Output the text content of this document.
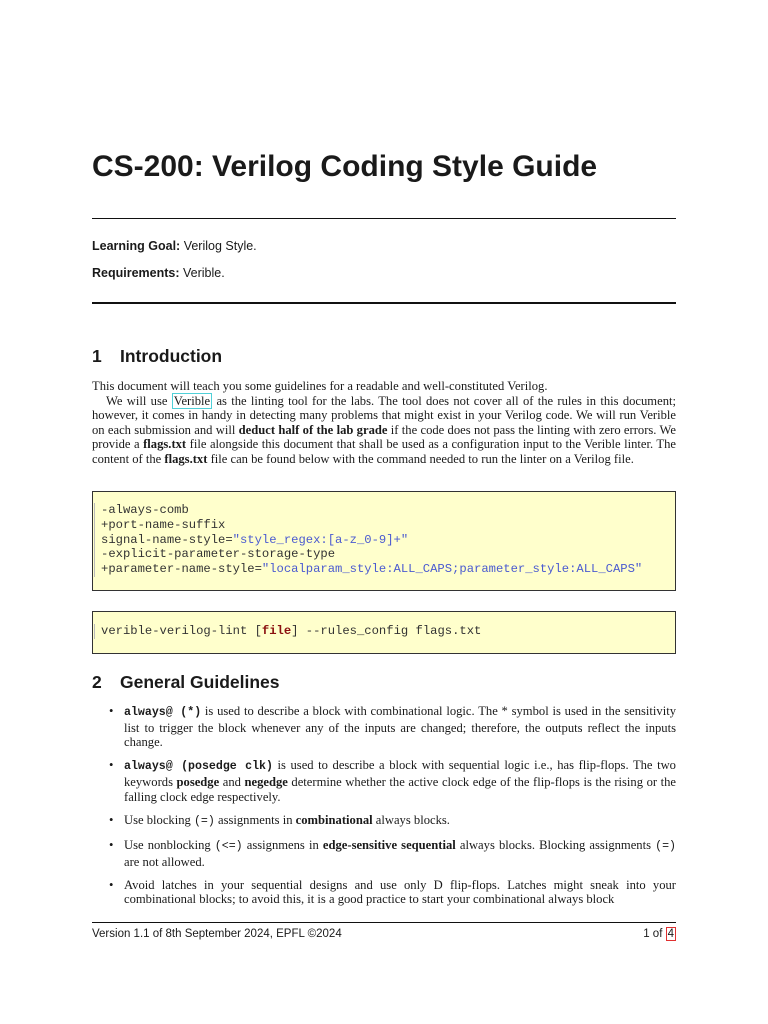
CS-200: Verilog Coding Style Guide
Learning Goal: Verilog Style.
Requirements: Verible.
1 Introduction
This document will teach you some guidelines for a readable and well-constituted Verilog.
We will use Verible as the linting tool for the labs. The tool does not cover all of the rules in this document; however, it comes in handy in detecting many problems that might exist in your Verilog code. We will run Verible on each submission and will deduct half of the lab grade if the code does not pass the linting with zero errors. We provide a flags.txt file alongside this document that shall be used as a configuration input to the Verible linter. The content of the flags.txt file can be found below with the command needed to run the linter on a Verilog file.
-always-comb
+port-name-suffix
signal-name-style="style_regex:[a-z_0-9]+"
-explicit-parameter-storage-type
+parameter-name-style="localparam_style:ALL_CAPS;parameter_style:ALL_CAPS"
verible-verilog-lint [file] --rules_config flags.txt
2 General Guidelines
• always@ (*) is used to describe a block with combinational logic. The * symbol is used in the sensitivity list to trigger the block whenever any of the inputs are changed; therefore, the outputs reflect the inputs change.
• always@ (posedge clk) is used to describe a block with sequential logic i.e., has flip-flops. The two keywords posedge and negedge determine whether the active clock edge of the flip-flops is the rising or the falling clock edge respectively.
• Use blocking (=) assignments in combinational always blocks.
• Use nonblocking (<=) assignmens in edge-sensitive sequential always blocks. Blocking assignments (=) are not allowed.
• Avoid latches in your sequential designs and use only D flip-flops. Latches might sneak into your combinational blocks; to avoid this, it is a good practice to start your combinational always block
Version 1.1 of 8th September 2024, EPFL ©2024	1 of 4
